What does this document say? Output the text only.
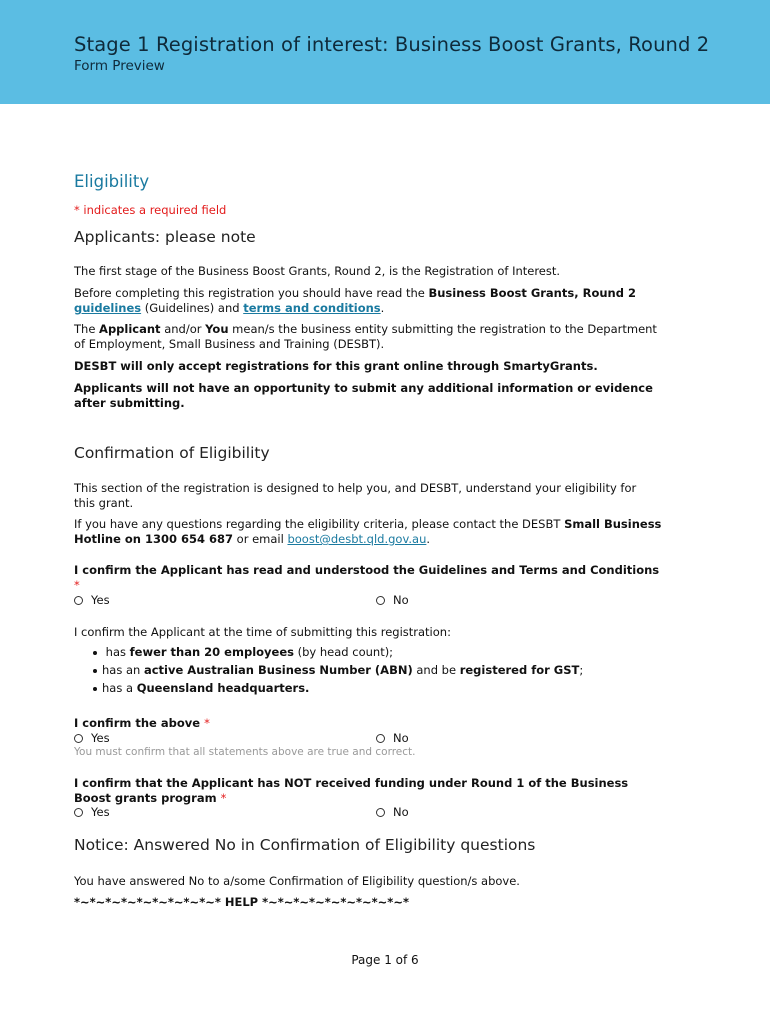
Stage 1 Registration of interest: Business Boost Grants, Round 2
Form Preview
Eligibility
* indicates a required field
Applicants: please note
The first stage of the Business Boost Grants, Round 2, is the Registration of Interest.
Before completing this registration you should have read the Business Boost Grants, Round 2 guidelines (Guidelines) and terms and conditions.
The Applicant and/or You mean/s the business entity submitting the registration to the Department of Employment, Small Business and Training (DESBT).
DESBT will only accept registrations for this grant online through SmartyGrants.
Applicants will not have an opportunity to submit any additional information or evidence after submitting.
Confirmation of Eligibility
This section of the registration is designed to help you, and DESBT, understand your eligibility for this grant.
If you have any questions regarding the eligibility criteria, please contact the DESBT Small Business Hotline on 1300 654 687 or email boost@desbt.qld.gov.au.
I confirm the Applicant has read and understood the Guidelines and Terms and Conditions *
Yes	No
I confirm the Applicant at the time of submitting this registration:
has fewer than 20 employees (by head count);
has an active Australian Business Number (ABN) and be registered for GST;
has a Queensland headquarters.
I confirm the above *
Yes	No
You must confirm that all statements above are true and correct.
I confirm that the Applicant has NOT received funding under Round 1 of the Business Boost grants program *
Yes	No
Notice: Answered No in Confirmation of Eligibility questions
You have answered No to a/some Confirmation of Eligibility question/s above.
*~*~*~*~*~*~*~*~*~* HELP *~*~*~*~*~*~*~*~*~*
Page 1 of 6
